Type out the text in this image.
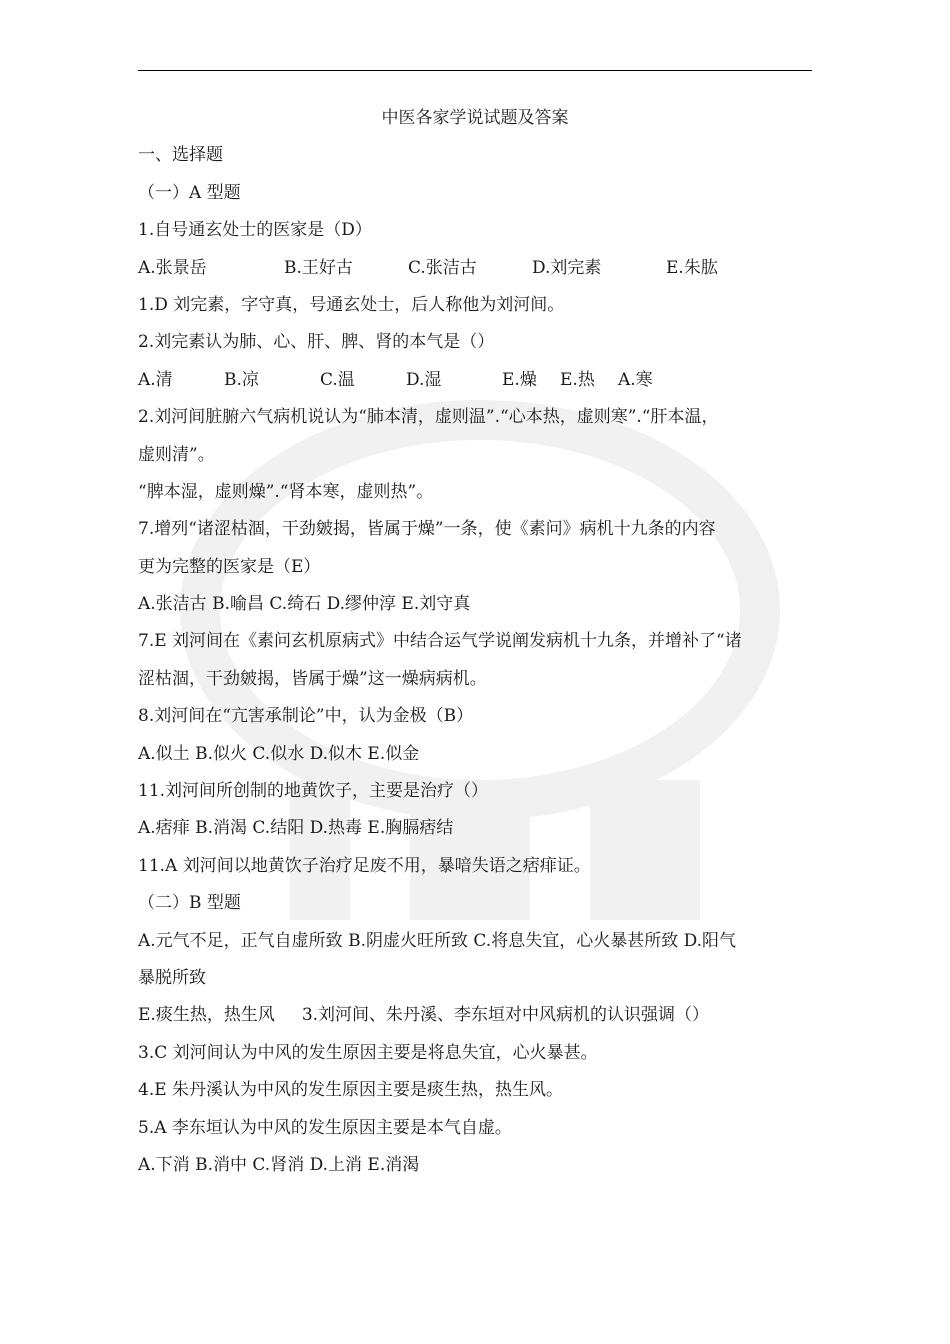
中医各家学说试题及答案
一、选择题
（一）A 型题
1.自号通玄处士的医家是（D）
A.张景岳	B.王好古	C.张洁古	D.刘完素	E.朱肱
1.D 刘完素，字守真，号通玄处士，后人称他为刘河间。
2.刘完素认为肺、心、肝、脾、肾的本气是（）
A.清	B.凉	C.温	D.湿	E.燥	E.热	A.寒
2.刘河间脏腑六气病机说认为“肺本清，虚则温”.“心本热，虚则寒”.“肝本温，
虚则清”。
“脾本湿，虚则燥”.“肾本寒，虚则热”。
7.增列“诸涩枯涸，干劲皴揭，皆属于燥”一条，使《素问》病机十九条的内容
更为完整的医家是（E）
A.张洁古 B.喻昌 C.绮石 D.缪仲淳 E.刘守真
7.E 刘河间在《素问玄机原病式》中结合运气学说阐发病机十九条，并增补了“诸
涩枯涸，干劲皴揭，皆属于燥”这一燥病病机。
8.刘河间在“亢害承制论”中，认为金极（B）
A.似土 B.似火 C.似水 D.似木 E.似金
11.刘河间所创制的地黄饮子，主要是治疗（）
A.痞痱 B.消渴 C.结阳 D.热毒 E.胸膈痞结
11.A 刘河间以地黄饮子治疗足废不用，暴喑失语之痞痱证。
（二）B 型题
A.元气不足，正气自虚所致 B.阴虚火旺所致 C.将息失宜，心火暴甚所致 D.阳气
暴脱所致
E.痰生热，热生风     3.刘河间、朱丹溪、李东垣对中风病机的认识强调（）
3.C 刘河间认为中风的发生原因主要是将息失宜，心火暴甚。
4.E 朱丹溪认为中风的发生原因主要是痰生热，热生风。
5.A 李东垣认为中风的发生原因主要是本气自虚。
A.下消 B.消中 C.肾消 D.上消 E.消渴
